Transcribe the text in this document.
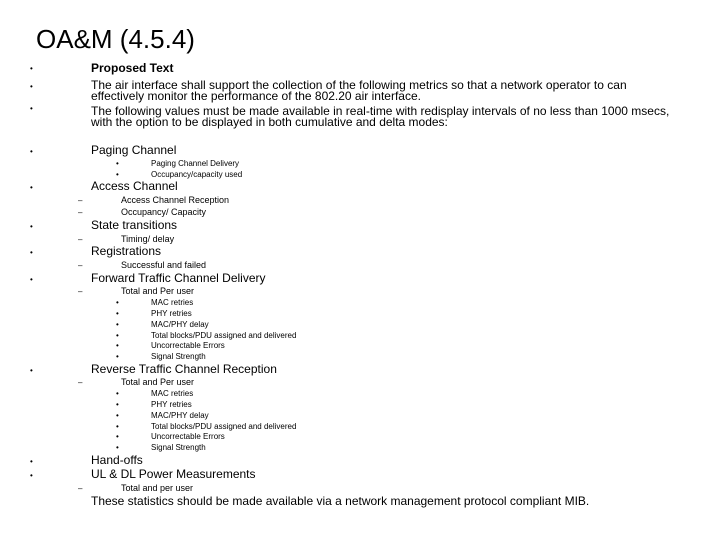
OA&M (4.5.4)
•
•
•
•
•
•
•
•
•
•
•
Proposed Text
The air interface shall support the collection of the following metrics so that a network operator to can
effectively monitor the performance of the 802.20 air interface.
The following values must be made available in real-time with redisplay intervals of no less than 1000 msecs,
with the option to be displayed in both cumulative and delta modes:
Paging Channel
•	Paging Channel Delivery
•	Occupancy/capacity used
Access Channel
–	Access Channel Reception
–	Occupancy/ Capacity
State transitions
–	Timing/ delay
Registrations
–	Successful and failed
Forward Traffic Channel Delivery
–	Total and Per user
•	MAC retries
•	PHY retries
•	MAC/PHY delay
•	Total blocks/PDU assigned and delivered
•	Uncorrectable Errors
•	Signal Strength
Reverse Traffic Channel Reception
–	Total and Per user
•	MAC retries
•	PHY retries
•	MAC/PHY delay
•	Total blocks/PDU assigned and delivered
•	Uncorrectable Errors
•	Signal Strength
Hand-offs
UL & DL Power Measurements
–	Total and per user
These statistics should be made available via a network management protocol compliant MIB.
